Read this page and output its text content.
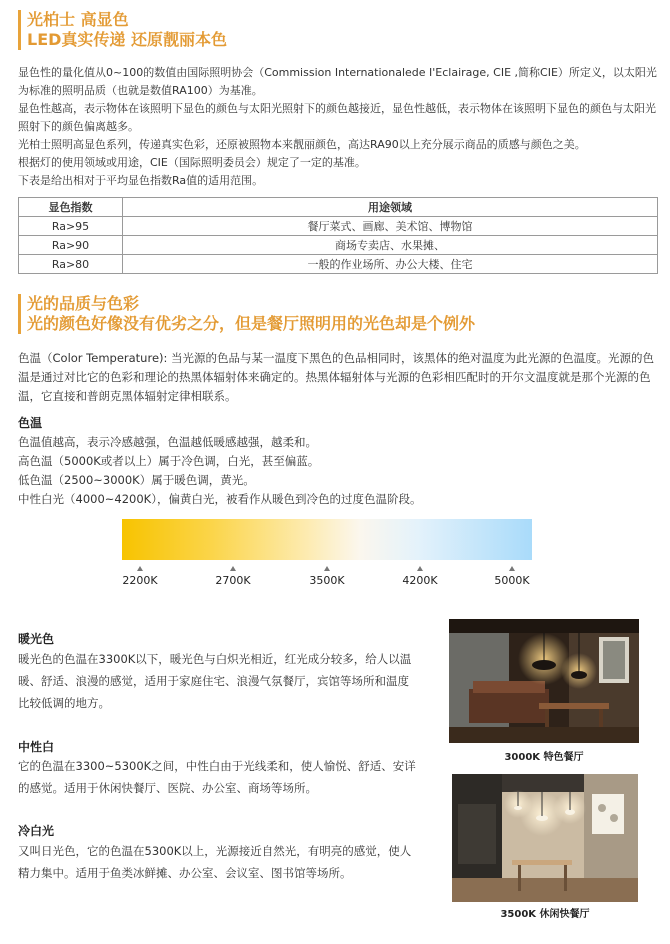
光柏士 高显色
LED真实传递 还原靓丽本色

显色性的量化值从0~100的数值由国际照明协会（Commission Internationalede I'Eclairage, CIE ,简称CIE）所定义，以太阳光为标准的照明品质（也就是数值RA100）为基准。

显色性越高，表示物体在该照明下显色的颜色与太阳光照射下的颜色越接近，显色性越低，表示物体在该照明下显色的颜色与太阳光照射下的颜色偏离越多。

光柏士照明高显色系列，传递真实色彩，还原被照物本来靓丽颜色，高达RA90以上充分展示商品的质感与颜色之美。

根据灯的使用领域或用途，CIE（国际照明委员会）规定了一定的基准。

下表是给出相对于平均显色指数Ra值的适用范围。

显色指数	用途领域
Ra>95	餐厅菜式、画廊、美术馆、博物馆
Ra>90	商场专卖店、水果摊、
Ra>80	一般的作业场所、办公大楼、住宅
光的品质与色彩
光的颜色好像没有优劣之分，但是餐厅照明用的光色却是个例外

色温（Color Temperature): 当光源的色品与某一温度下黑色的色品相同时，该黑体的绝对温度为此光源的色温度。光源的色温是通过对比它的色彩和理论的热黑体辐射体来确定的。热黑体辐射体与光源的色彩相匹配时的开尔文温度就是那个光源的色温，它直接和普朗克黑体辐射定律相联系。

色温

色温值越高，表示冷感越强，色温越低暖感越强，越柔和。

高色温（5000K或者以上）属于冷色调，白光，甚至偏蓝。

低色温（2500~3000K）属于暖色调，黄光。

中性白光（4000~4200K），偏黄白光，被看作从暖色到冷色的过度色温阶段。

2200K	2700K	3500K	4200K	5000K
暖光色

暖光色的色温在3300K以下，暖光色与白炽光相近，红光成分较多，给人以温暖、舒适、浪漫的感觉，适用于家庭住宅、浪漫气氛餐厅，宾馆等场所和温度比较低调的地方。

中性白

它的色温在3300~5300K之间，中性白由于光线柔和，使人愉悦、舒适、安详的感觉。适用于休闲快餐厅、医院、办公室、商场等场所。

冷白光

又叫日光色，它的色温在5300K以上，光源接近自然光，有明亮的感觉，使人精力集中。适用于鱼类冰鲜摊、办公室、会议室、图书馆等场所。

3000K 特色餐厅
3500K 休闲快餐厅
